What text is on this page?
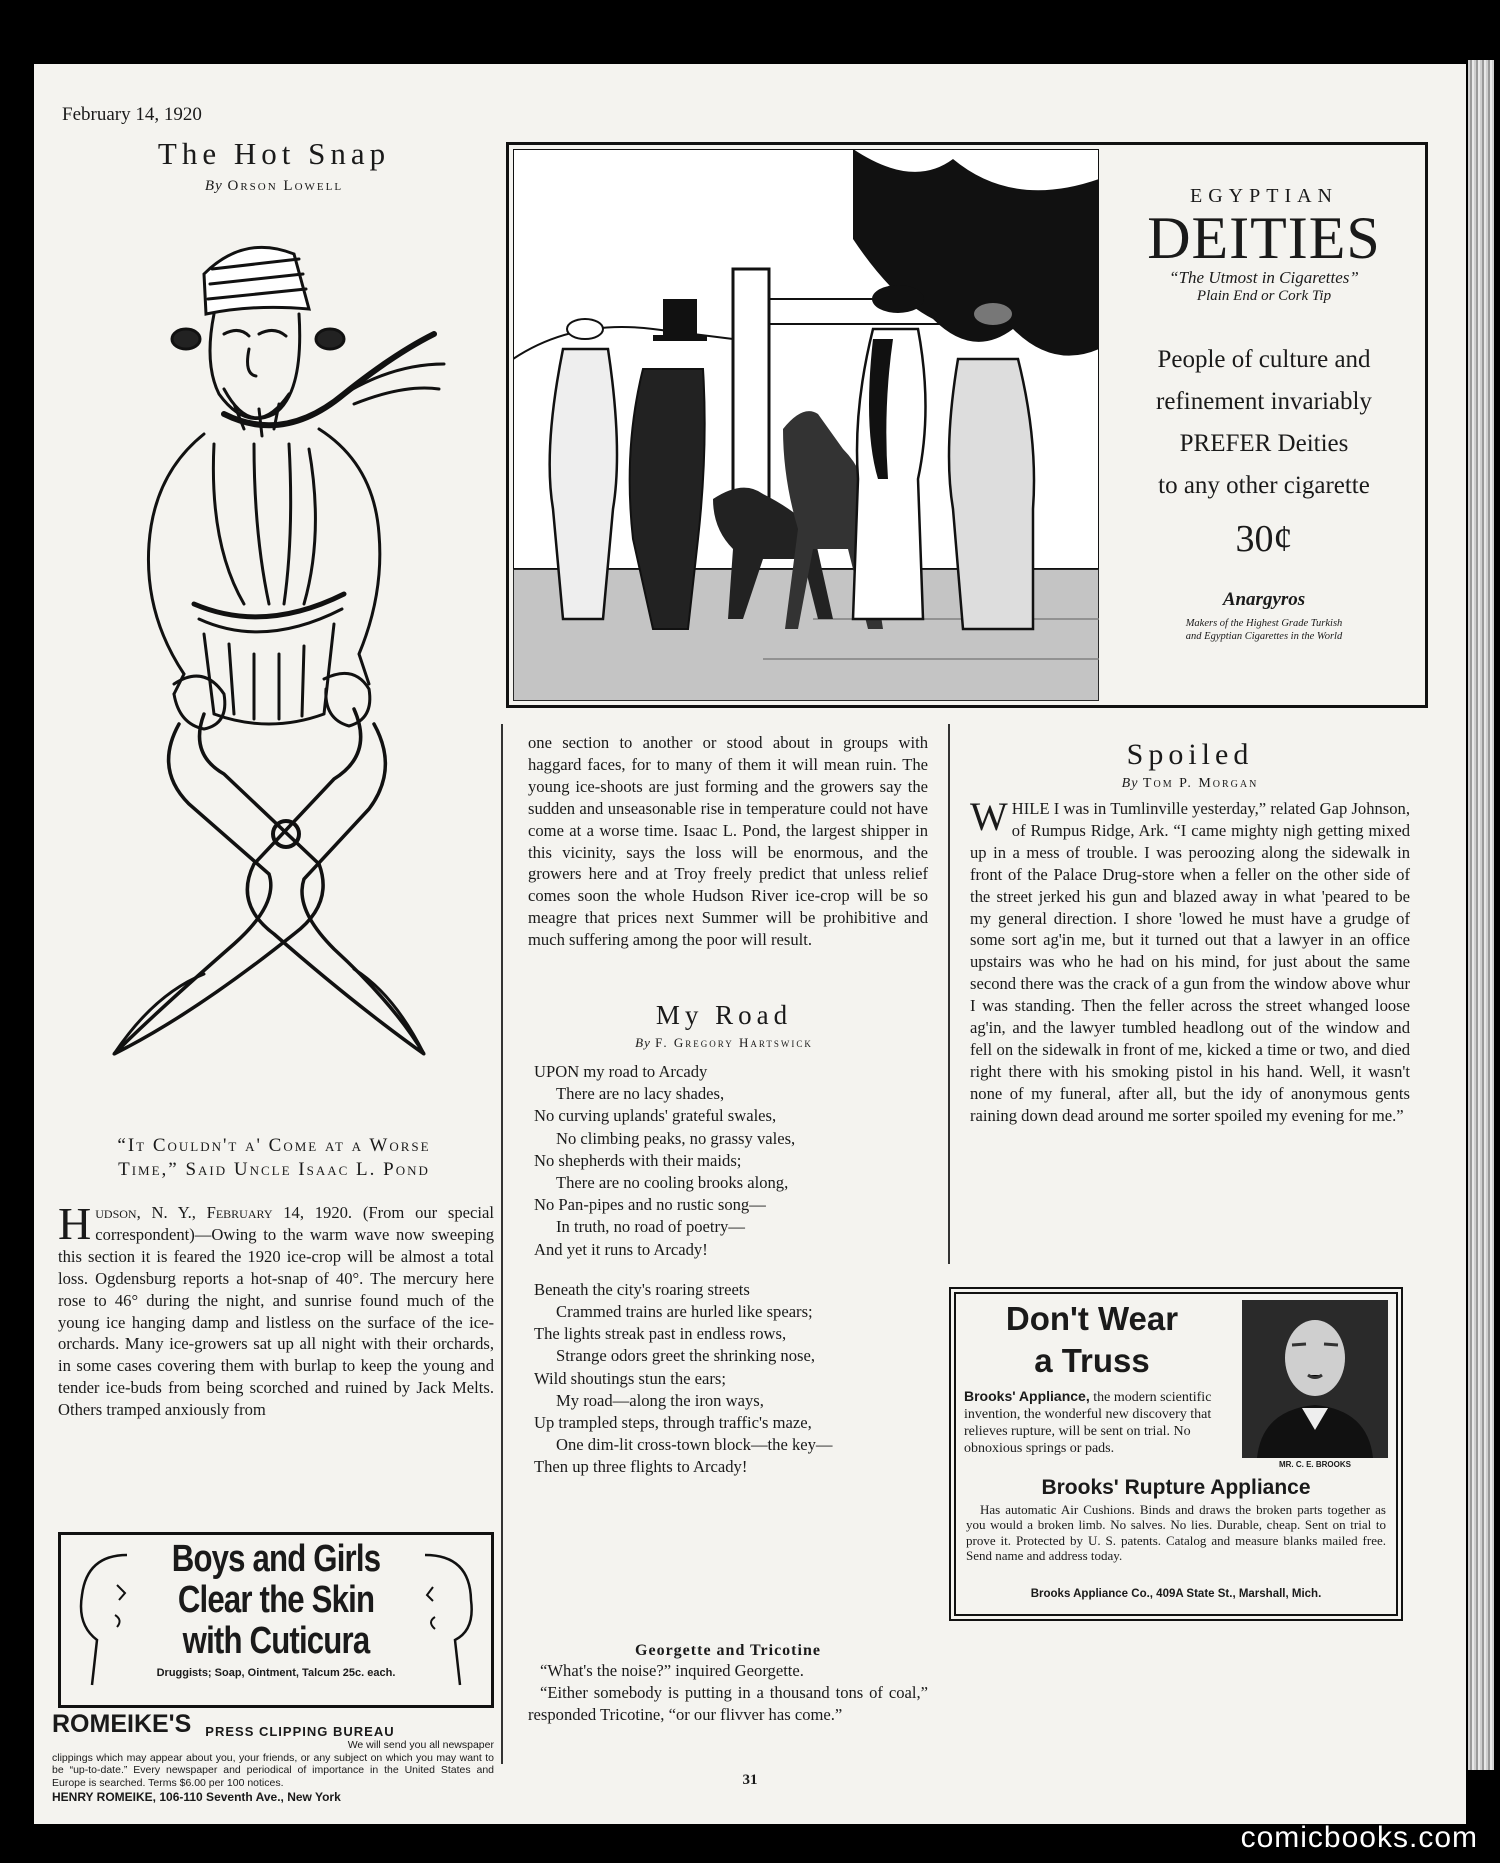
February 14, 1920
The Hot Snap
By Orson Lowell
“It Couldn't a' Come at a Worse
Time,” Said Uncle Isaac L. Pond

Hudson, N. Y., February 14, 1920. (From our special correspondent)—Owing to the warm wave now sweeping this section it is feared the 1920 ice-crop will be almost a total loss. Ogdensburg reports a hot-snap of 40°. The mercury here rose to 46° during the night, and sunrise found much of the young ice hanging damp and listless on the surface of the ice-orchards. Many ice-growers sat up all night with their orchards, in some cases covering them with burlap to keep the young and tender ice-buds from being scorched and ruined by Jack Melts. Others tramped anxiously from

Boys and Girls
Clear the Skin
with Cuticura
Druggists; Soap, Ointment, Talcum 25c. each.
ROMEIKE'S PRESS CLIPPING BUREAU
We will send you all newspaper
clippings which may appear about you, your friends, or any subject on which you may want to be “up-to-date.” Every newspaper and periodical of importance in the United States and Europe is searched. Terms $6.00 per 100 notices.
HENRY ROMEIKE, 106-110 Seventh Ave., New York
EGYPTIAN
DEITIES
“The Utmost in Cigarettes”
Plain End or Cork Tip
People of culture and
refinement invariably
PREFER Deities
to any other cigarette
30¢
Anargyros
Makers of the Highest Grade Turkish
and Egyptian Cigarettes in the World

one section to another or stood about in groups with haggard faces, for to many of them it will mean ruin. The young ice-shoots are just forming and the growers say the sudden and unseasonable rise in temperature could not have come at a worse time. Isaac L. Pond, the largest shipper in this vicinity, says the loss will be enormous, and the growers here and at Troy freely predict that unless relief comes soon the whole Hudson River ice-crop will be so meagre that prices next Summer will be prohibitive and much suffering among the poor will result.

My Road
By F. Gregory Hartswick

UPON my road to Arcady

There are no lacy shades,

No curving uplands' grateful swales,

No climbing peaks, no grassy vales,

No shepherds with their maids;

There are no cooling brooks along,

No Pan-pipes and no rustic song—

In truth, no road of poetry—

And yet it runs to Arcady!

Beneath the city's roaring streets

Crammed trains are hurled like spears;

The lights streak past in endless rows,

Strange odors greet the shrinking nose,

Wild shoutings stun the ears;

My road—along the iron ways,

Up trampled steps, through traffic's maze,

One dim-lit cross-town block—the key—

Then up three flights to Arcady!

Georgette and Tricotine

“What's the noise?” inquired Georgette.

“Either somebody is putting in a thousand tons of coal,” responded Tricotine, “or our flivver has come.”

Spoiled
By Tom P. Morgan

WHILE I was in Tumlinville yesterday,” related Gap Johnson, of Rumpus Ridge, Ark. “I came mighty nigh getting mixed up in a mess of trouble. I was peroozing along the sidewalk in front of the Palace Drug-store when a feller on the other side of the street jerked his gun and blazed away in what 'peared to be my general direction. I shore 'lowed he must have a grudge of some sort ag'in me, but it turned out that a lawyer in an office upstairs was who he had on his mind, for just about the same second there was the crack of a gun from the window above whur I was standing. Then the feller across the street whanged loose ag'in, and the lawyer tumbled headlong out of the window and fell on the sidewalk in front of me, kicked a time or two, and died right there with his smoking pistol in his hand. Well, it wasn't none of my funeral, after all, but the idy of anonymous gents raining down dead around me sorter spoiled my evening for me.”

Don't Wear
a Truss
Brooks' Appliance, the modern scientific invention, the wonderful new discovery that relieves rupture, will be sent on trial. No obnoxious springs or pads.
MR. C. E. BROOKS
Brooks' Rupture Appliance
Has automatic Air Cushions. Binds and draws the broken parts together as you would a broken limb. No salves. No lies. Durable, cheap. Sent on trial to prove it. Protected by U. S. patents. Catalog and measure blanks mailed free. Send name and address today.
Brooks Appliance Co., 409A State St., Marshall, Mich.
31
comicbooks.com
